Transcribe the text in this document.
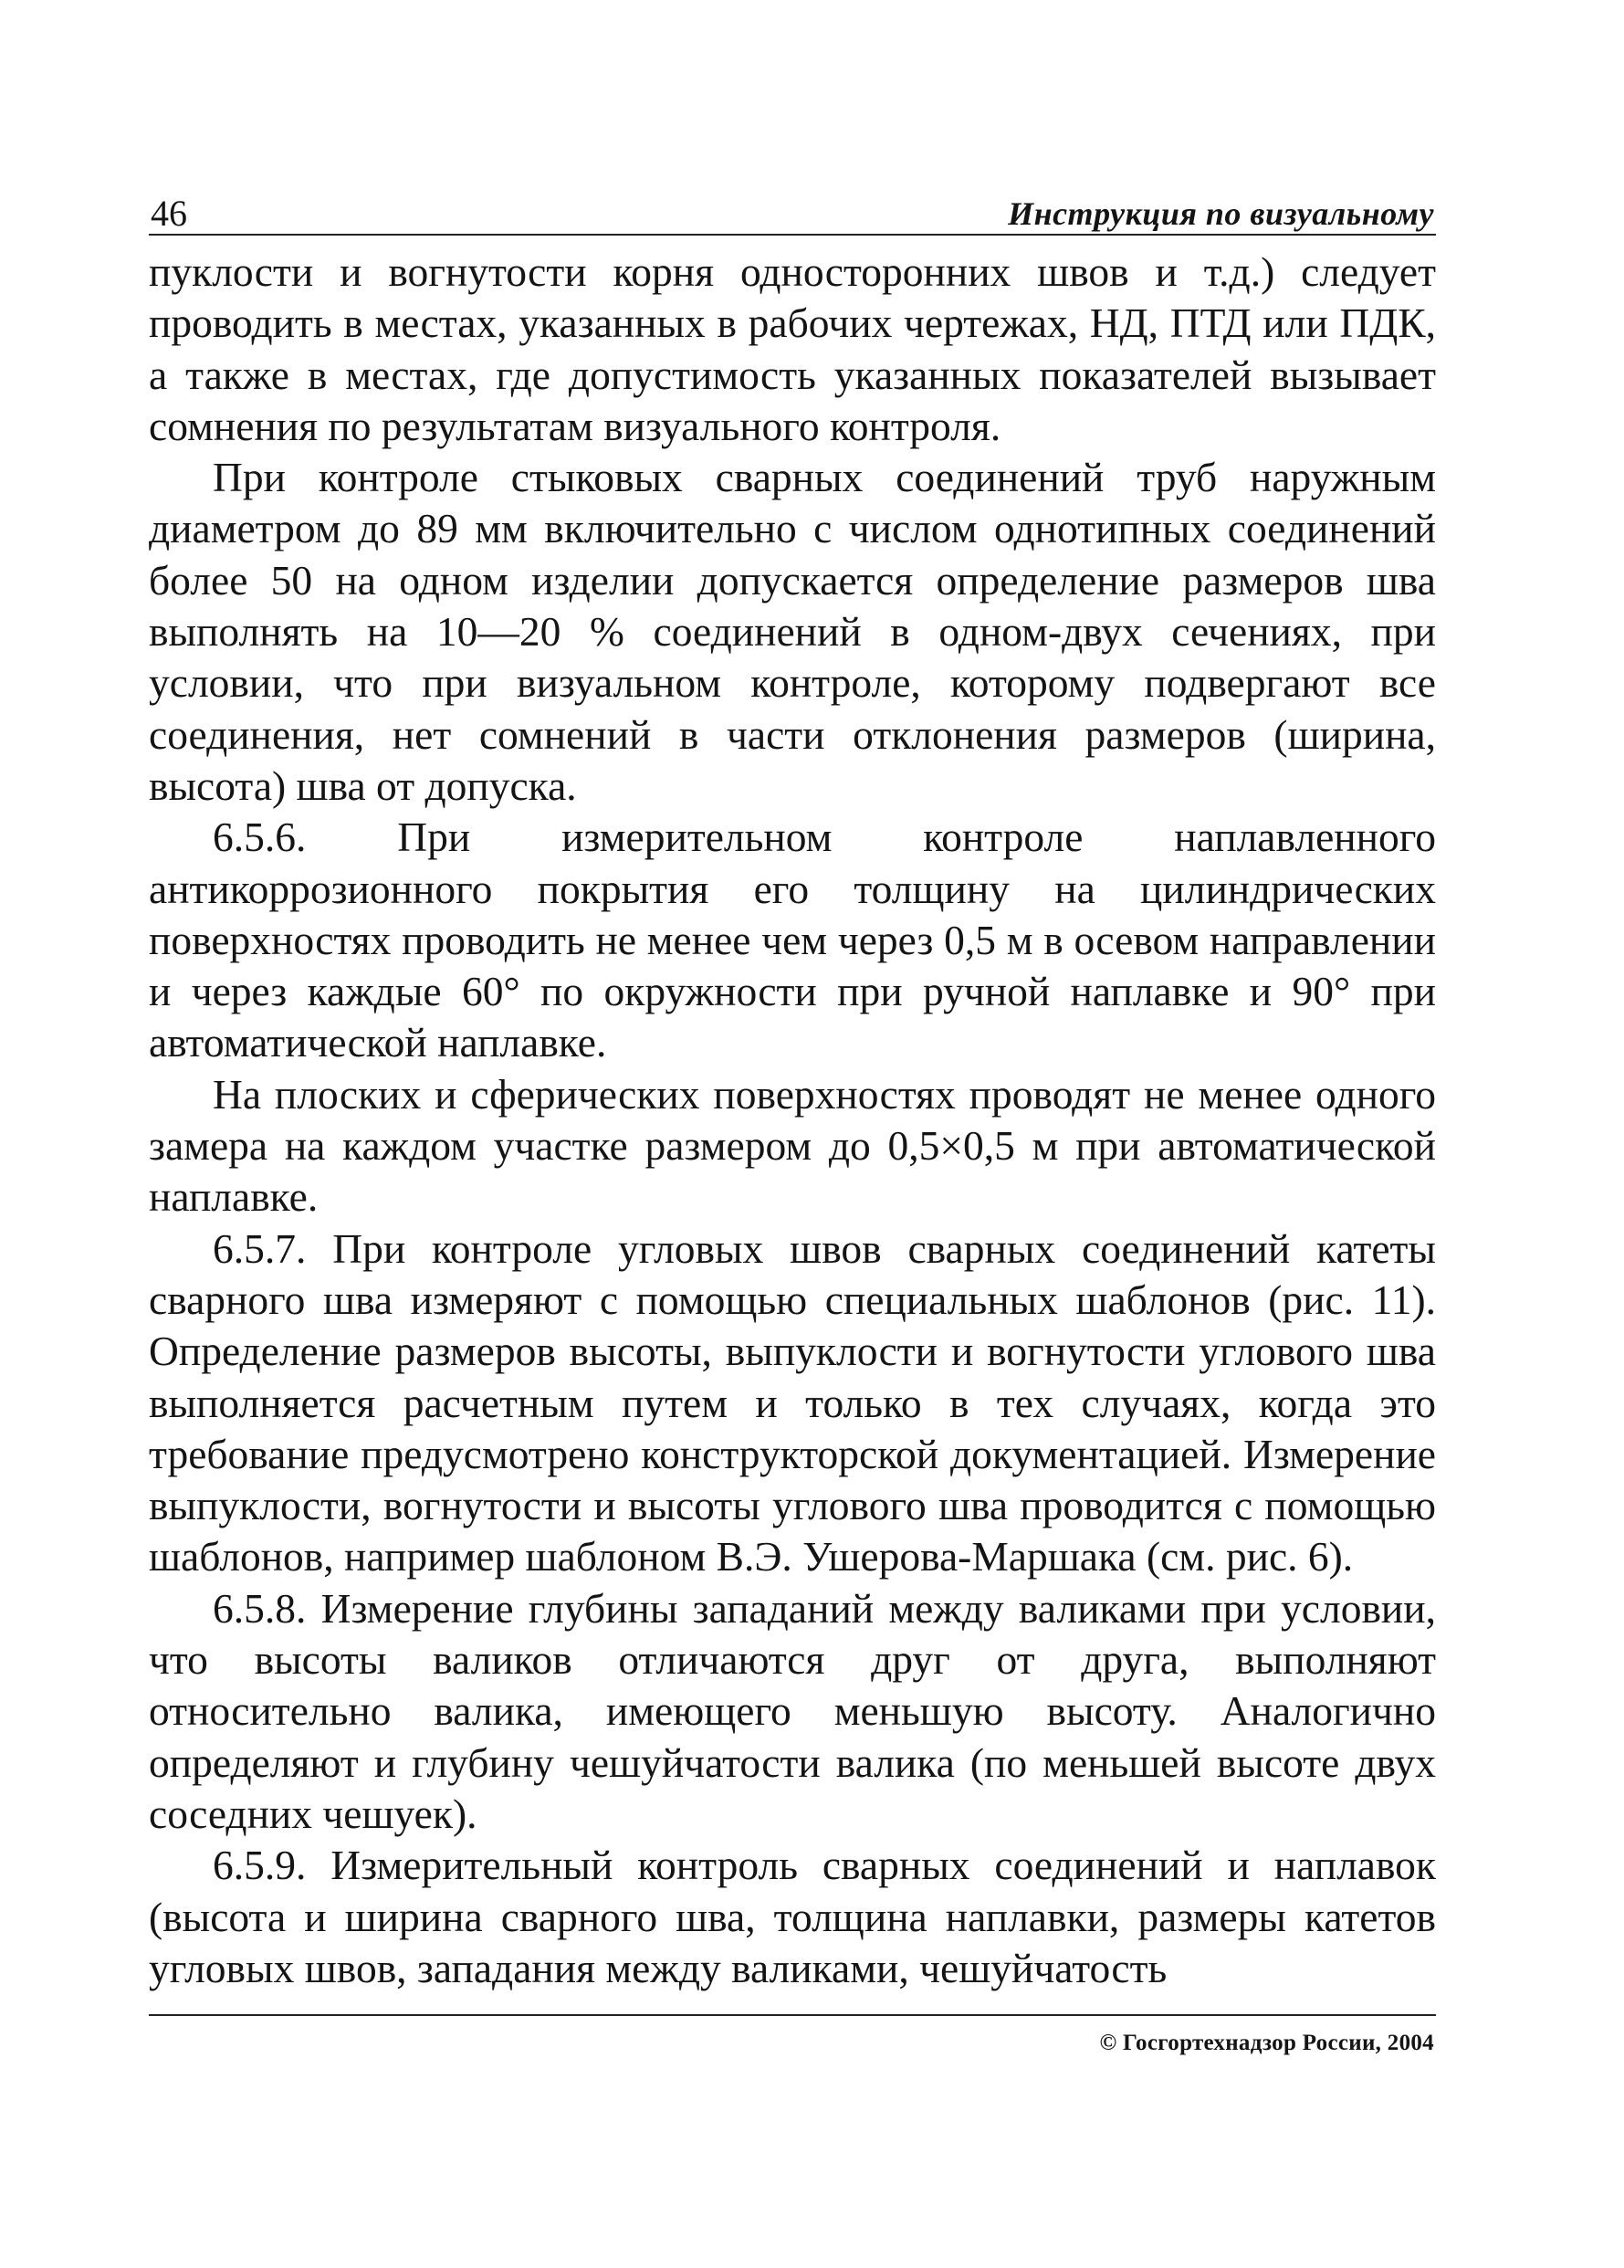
46	Инструкция по визуальному

пуклости и вогнутости корня односторонних швов и т.д.) следует проводить в местах, указанных в рабочих чертежах, НД, ПТД или ПДК, а также в местах, где допустимость указанных показателей вызывает сомнения по результатам визуального контроля.

При контроле стыковых сварных соединений труб наружным диаметром до 89 мм включительно с числом однотипных соединений более 50 на одном изделии допускается определение размеров шва выполнять на 10—20 % соединений в одном-двух сечениях, при условии, что при визуальном контроле, которому подвергают все соединения, нет сомнений в части отклонения размеров (ширина, высота) шва от допуска.

6.5.6. При измерительном контроле наплавленного антикоррозионного покрытия его толщину на цилиндрических поверхностях проводить не менее чем через 0,5 м в осевом направлении и через каждые 60° по окружности при ручной наплавке и 90° при автоматической наплавке.

На плоских и сферических поверхностях проводят не менее одного замера на каждом участке размером до 0,5×0,5 м при автоматической наплавке.

6.5.7. При контроле угловых швов сварных соединений катеты сварного шва измеряют с помощью специальных шаблонов (рис. 11). Определение размеров высоты, выпуклости и вогнутости углового шва выполняется расчетным путем и только в тех случаях, когда это требование предусмотрено конструкторской документацией. Измерение выпуклости, вогнутости и высоты углового шва проводится с помощью шаблонов, например шаблоном В.Э. Ушерова-Маршака (см. рис. 6).

6.5.8. Измерение глубины западаний между валиками при условии, что высоты валиков отличаются друг от друга, выполняют относительно валика, имеющего меньшую высоту. Аналогично определяют и глубину чешуйчатости валика (по меньшей высоте двух соседних чешуек).

6.5.9. Измерительный контроль сварных соединений и наплавок (высота и ширина сварного шва, толщина наплавки, размеры катетов угловых швов, западания между валиками, чешуйчатость

© Госгортехнадзор России, 2004
